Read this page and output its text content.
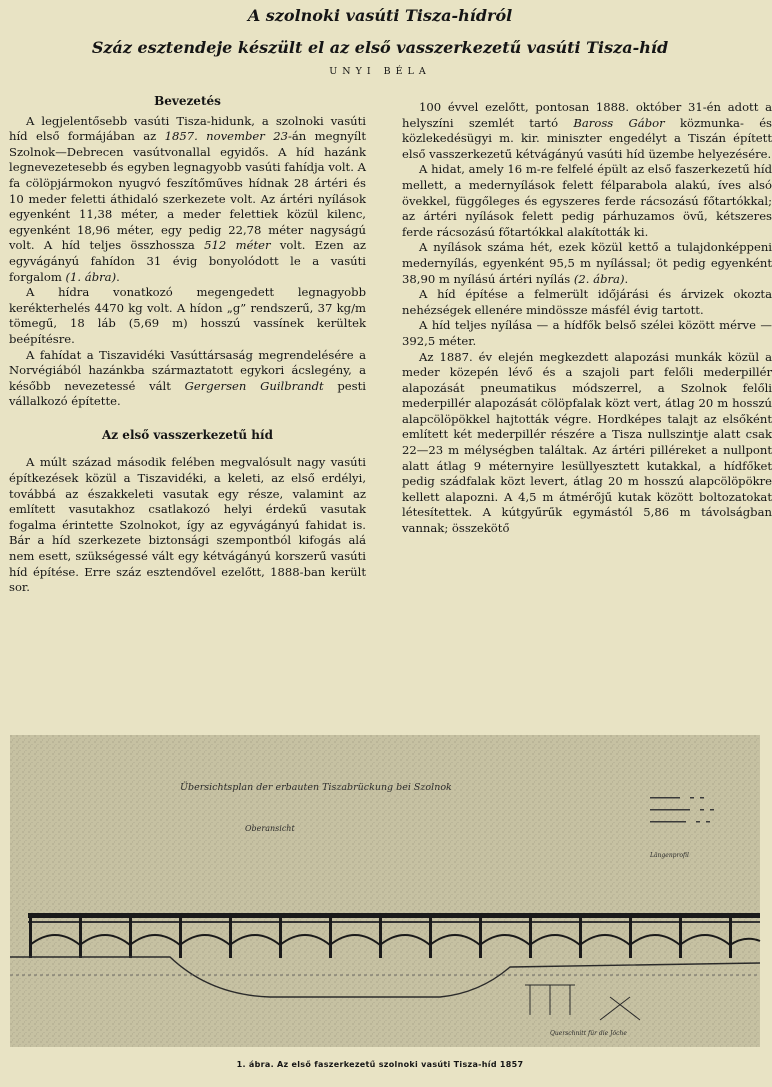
A szolnoki vasúti Tisza-hídról
Száz esztendeje készült el az első vasszerkezetű vasúti Tisza-híd
UNYI BÉLA
Bevezetés

A legjelentősebb vasúti Tisza-hidunk, a szolnoki vasúti híd első formájában az 1857. november 23-án megnyílt Szolnok—Debrecen vasútvonallal egyidős. A híd hazánk legnevezetesebb és egyben legnagyobb vasúti fahídja volt. A fa cölöpjármokon nyugvó feszítőműves hídnak 28 ártéri és 10 meder feletti áthidaló szerkezete volt. Az ártéri nyílások egyenként 11,38 méter, a meder felettiek közül kilenc, egyenként 18,96 méter, egy pedig 22,78 méter nagyságú volt. A híd teljes összhossza 512 méter volt. Ezen az egyvágányú fahídon 31 évig bonyolódott le a vasúti forgalom (1. ábra).

A hídra vonatkozó megengedett legnagyobb kerékterhelés 4470 kg volt. A hídon „g” rendszerű, 37 kg/m tömegű, 18 láb (5,69 m) hosszú vassínek kerültek beépítésre.

A fahídat a Tiszavidéki Vasúttársaság megrendelésére a Norvégiából hazánkba származtatott egykori ácslegény, a később nevezetessé vált Gergersen Guilbrandt pesti vállalkozó építette.

Az első vasszerkezetű híd

A múlt század második felében megvalósult nagy vasúti építkezések közül a Tiszavidéki, a keleti, az első erdélyi, továbbá az északkeleti vasutak egy része, valamint az említett vasutakhoz csatlakozó helyi érdekű vasutak fogalma érintette Szolnokot, így az egyvágányú fahidat is. Bár a híd szerkezete biztonsági szempontból kifogás alá nem esett, szükségessé vált egy kétvágányú korszerű vasúti híd építése. Erre száz esztendővel ezelőtt, 1888-ban került sor.

100 évvel ezelőtt, pontosan 1888. október 31-én adott a helyszíni szemlét tartó Baross Gábor közmunka- és közlekedésügyi m. kir. miniszter engedélyt a Tiszán épített első vasszerkezetű kétvágányú vasúti híd üzembe helyezésére.

A hidat, amely 16 m-re felfelé épült az első faszerkezetű híd mellett, a medernyílások felett félparabola alakú, íves alsó övekkel, függőleges és egyszeres ferde rácsozású főtartókkal; az ártéri nyílások felett pedig párhuzamos övű, kétszeres ferde rácsozású főtartókkal alakították ki.

A nyílások száma hét, ezek közül kettő a tulajdonképpeni medernyílás, egyenként 95,5 m nyílással; öt pedig egyenként 38,90 m nyílású ártéri nyílás (2. ábra).

A híd építése a felmerült időjárási és árvizek okozta nehézségek ellenére mindössze másfél évig tartott.

A híd teljes nyílása — a hídfők belső szélei között mérve — 392,5 méter.

Az 1887. év elején megkezdett alapozási munkák közül a meder közepén lévő és a szajoli part felőli mederpillér alapozását pneumatikus módszerrel, a Szolnok felőli mederpillér alapozását cölöpfalak közt vert, átlag 20 m hosszú alapcölöpökkel hajtották végre. Hordképes talajt az elsőként említett két mederpillér részére a Tisza nullszintje alatt csak 22—23 m mélységben találtak. Az ártéri pilléreket a nullpont alatt átlag 9 méternyire lesüllyesztett kutakkal, a hídfőket pedig szádfalak közt levert, átlag 20 m hosszú alapcölöpökre kellett alapozni. A 4,5 m átmérőjű kutak között boltozatokat létesítettek. A kútgyűrűk egymástól 5,86 m távolságban vannak; összekötő

Übersichtsplan der erbauten Tiszabrückung bei Szolnok
Oberansicht
Längenprofil
Querschnitt für die Jöche
1. ábra. Az első faszerkezetű szolnoki vasúti Tisza-híd 1857
